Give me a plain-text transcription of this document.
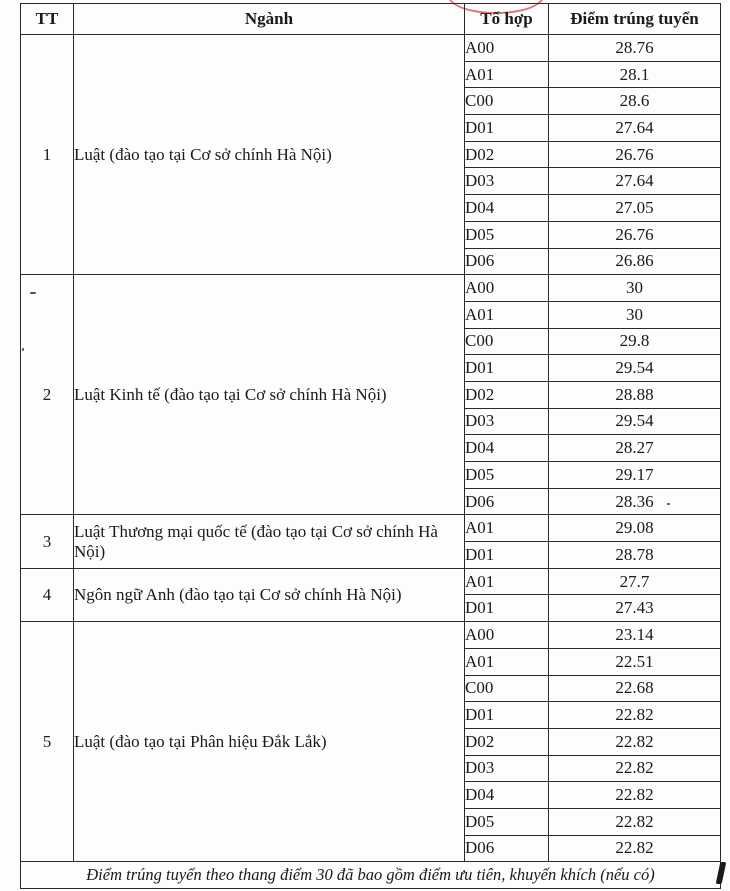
TT	Ngành	Tổ hợp	Điểm trúng tuyển
1	Luật (đào tạo tại Cơ sở chính Hà Nội)	A00	28.76
		A01	28.1
		C00	28.6
		D01	27.64
		D02	26.76
		D03	27.64
		D04	27.05
		D05	26.76
		D06	26.86
2	Luật Kinh tế (đào tạo tại Cơ sở chính Hà Nội)	A00	30
		A01	30
		C00	29.8
		D01	29.54
		D02	28.88
		D03	29.54
		D04	28.27
		D05	29.17
		D06	28.36
3	Luật Thương mại quốc tế (đào tạo tại Cơ sở chính Hà Nội)	A01	29.08
		D01	28.78
4	Ngôn ngữ Anh (đào tạo tại Cơ sở chính Hà Nội)	A01	27.7
		D01	27.43
5	Luật (đào tạo tại Phân hiệu Đắk Lắk)	A00	23.14
		A01	22.51
		C00	22.68
		D01	22.82
		D02	22.82
		D03	22.82
		D04	22.82
		D05	22.82
		D06	22.82
Điểm trúng tuyển theo thang điểm 30 đã bao gồm điểm ưu tiên, khuyến khích (nếu có)			
